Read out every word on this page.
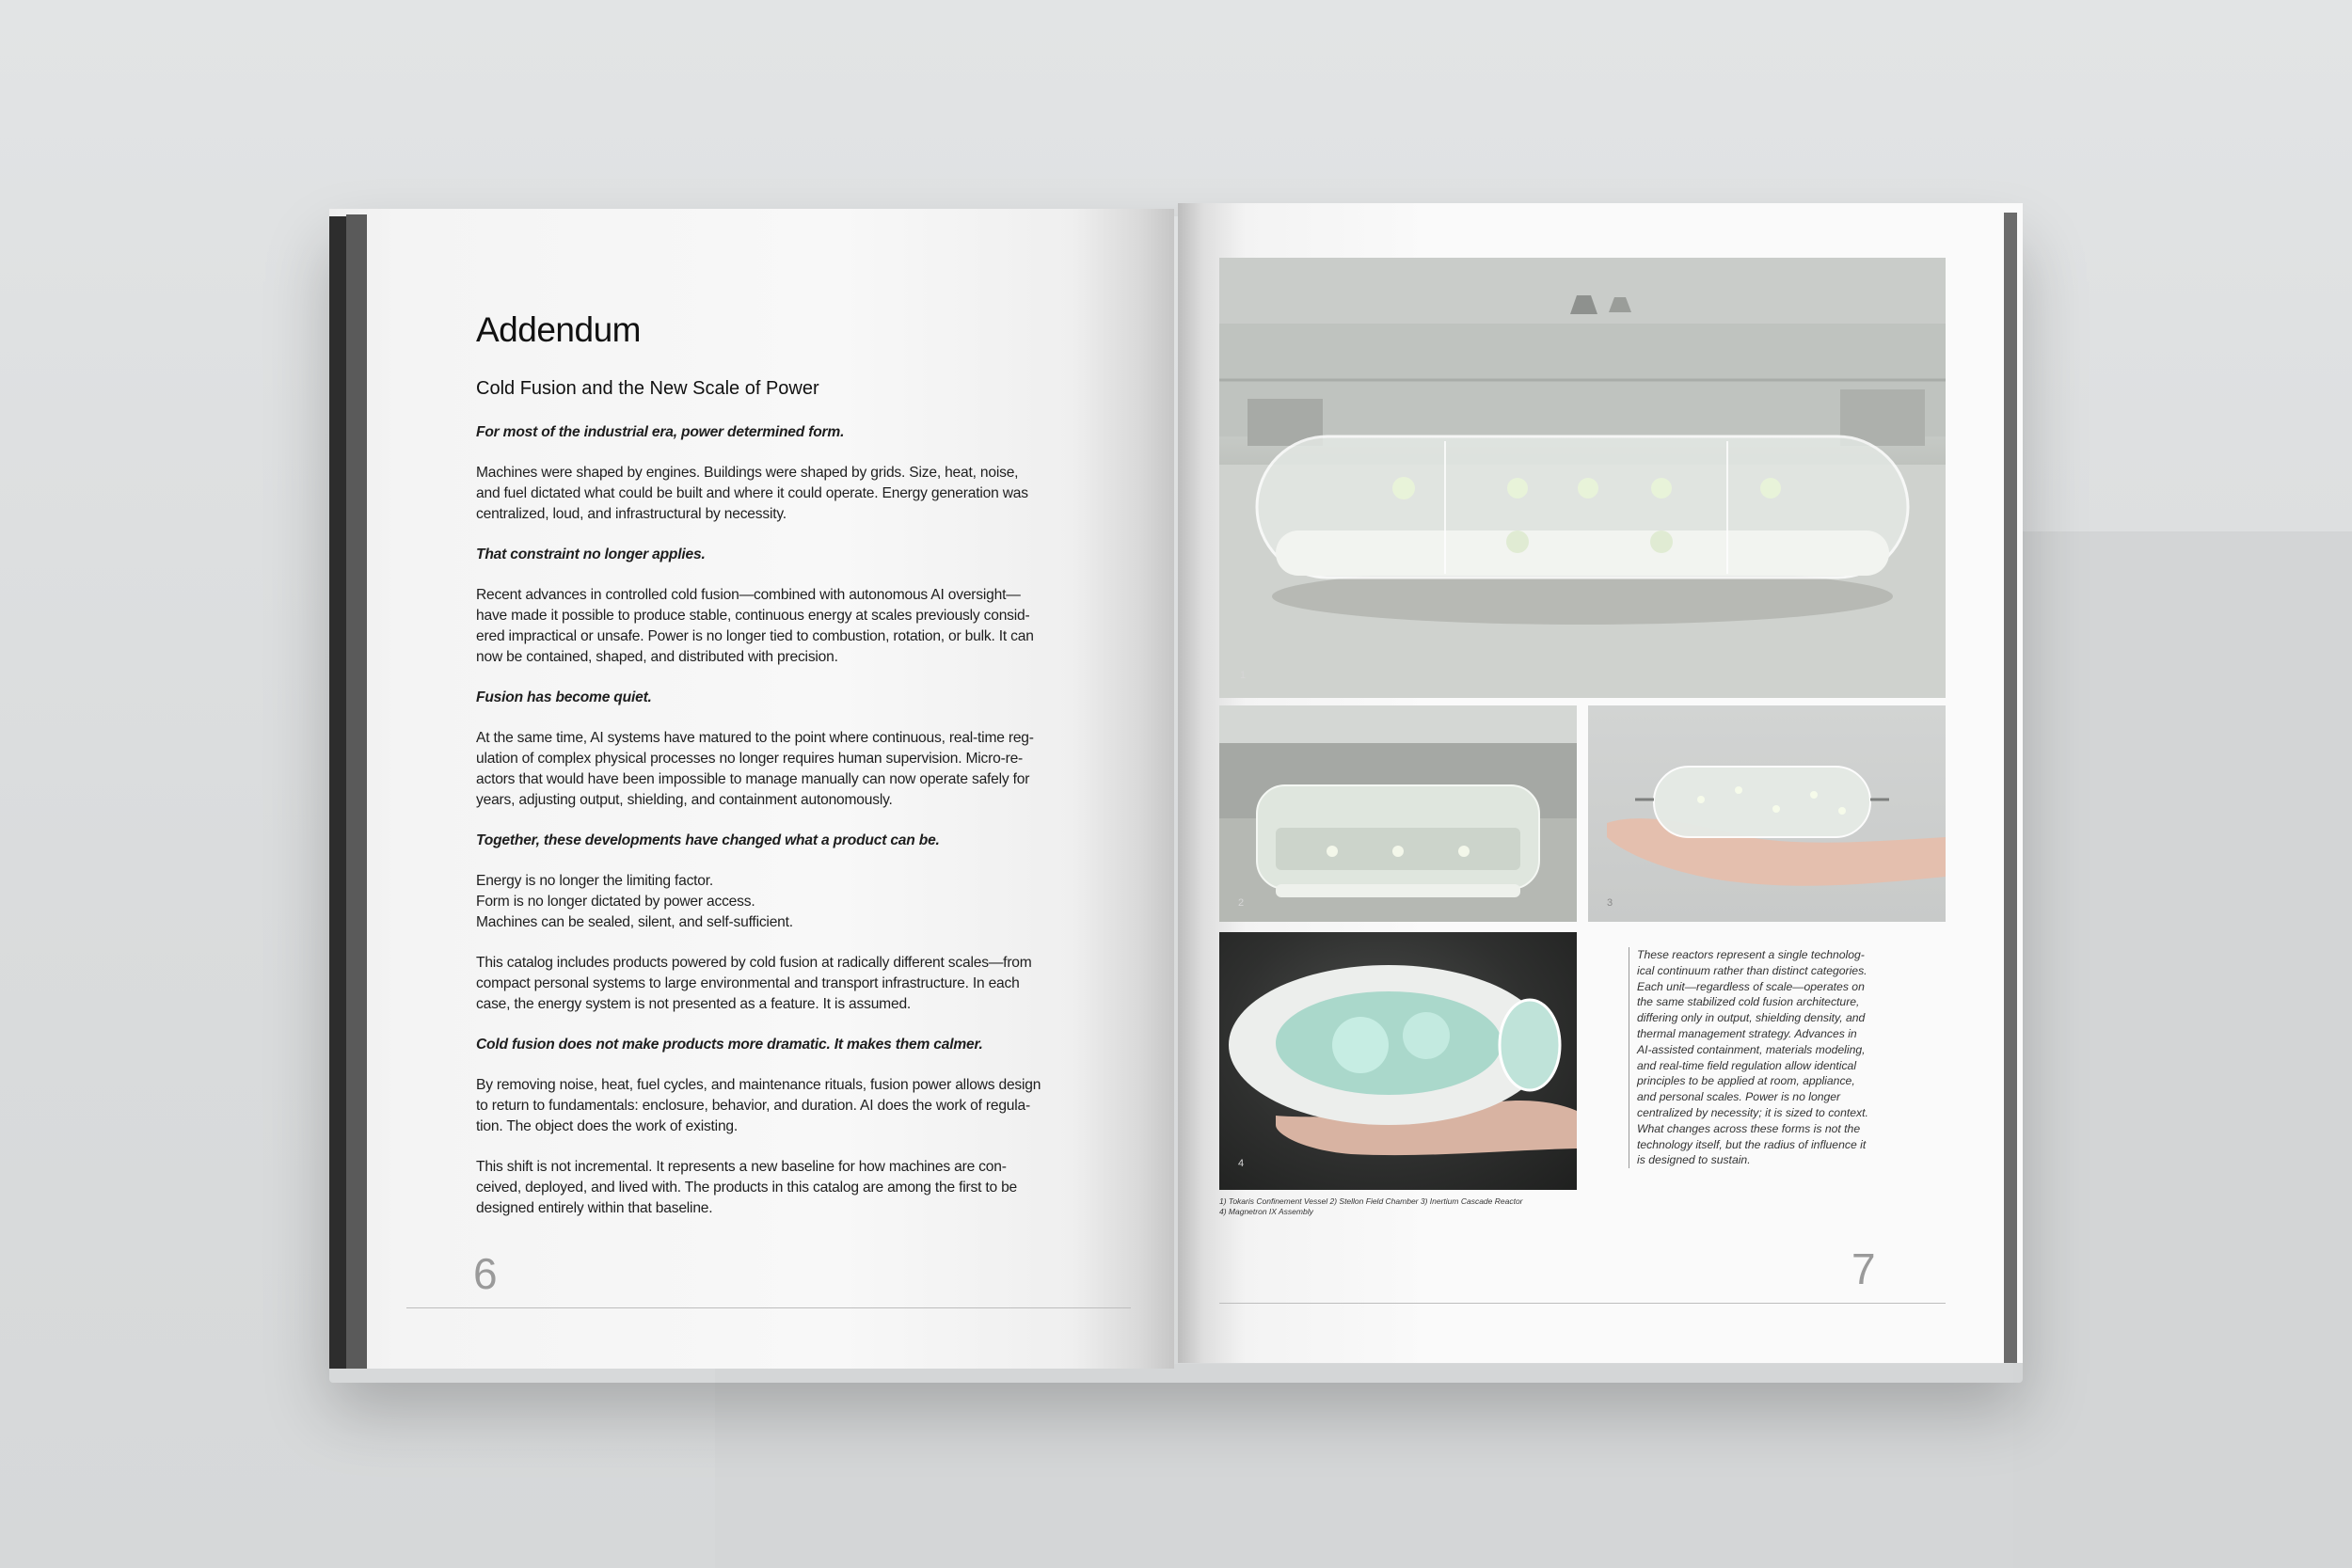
Addendum
Cold Fusion and the New Scale of Power

For most of the industrial era, power determined form.

Machines were shaped by engines. Buildings were shaped by grids. Size, heat, noise,
and fuel dictated what could be built and where it could operate. Energy generation was
centralized, loud, and infrastructural by necessity.

That constraint no longer applies.

Recent advances in controlled cold fusion—combined with autonomous AI oversight—
have made it possible to produce stable, continuous energy at scales previously consid-
ered impractical or unsafe. Power is no longer tied to combustion, rotation, or bulk. It can
now be contained, shaped, and distributed with precision.

Fusion has become quiet.

At the same time, AI systems have matured to the point where continuous, real-time reg-
ulation of complex physical processes no longer requires human supervision. Micro-re-
actors that would have been impossible to manage manually can now operate safely for
years, adjusting output, shielding, and containment autonomously.

Together, these developments have changed what a product can be.

Energy is no longer the limiting factor.
Form is no longer dictated by power access.
Machines can be sealed, silent, and self-sufficient.

This catalog includes products powered by cold fusion at radically different scales—from
compact personal systems to large environmental and transport infrastructure. In each
case, the energy system is not presented as a feature. It is assumed.

Cold fusion does not make products more dramatic. It makes them calmer.

By removing noise, heat, fuel cycles, and maintenance rituals, fusion power allows design
to return to fundamentals: enclosure, behavior, and duration. AI does the work of regula-
tion. The object does the work of existing.

This shift is not incremental. It represents a new baseline for how machines are con-
ceived, deployed, and lived with. The products in this catalog are among the first to be
designed entirely within that baseline.

6
1
2	3
4
1) Tokaris Confinement Vessel 2) Stellon Field Chamber 3) Inertium Cascade Reactor
4) Magnetron IX Assembly
These reactors represent a single technolog-
ical continuum rather than distinct categories.
Each unit—regardless of scale—operates on
the same stabilized cold fusion architecture,
differing only in output, shielding density, and
thermal management strategy. Advances in
AI-assisted containment, materials modeling,
and real-time field regulation allow identical
principles to be applied at room, appliance,
and personal scales. Power is no longer
centralized by necessity; it is sized to context.
What changes across these forms is not the
technology itself, but the radius of influence it
is designed to sustain.
7
